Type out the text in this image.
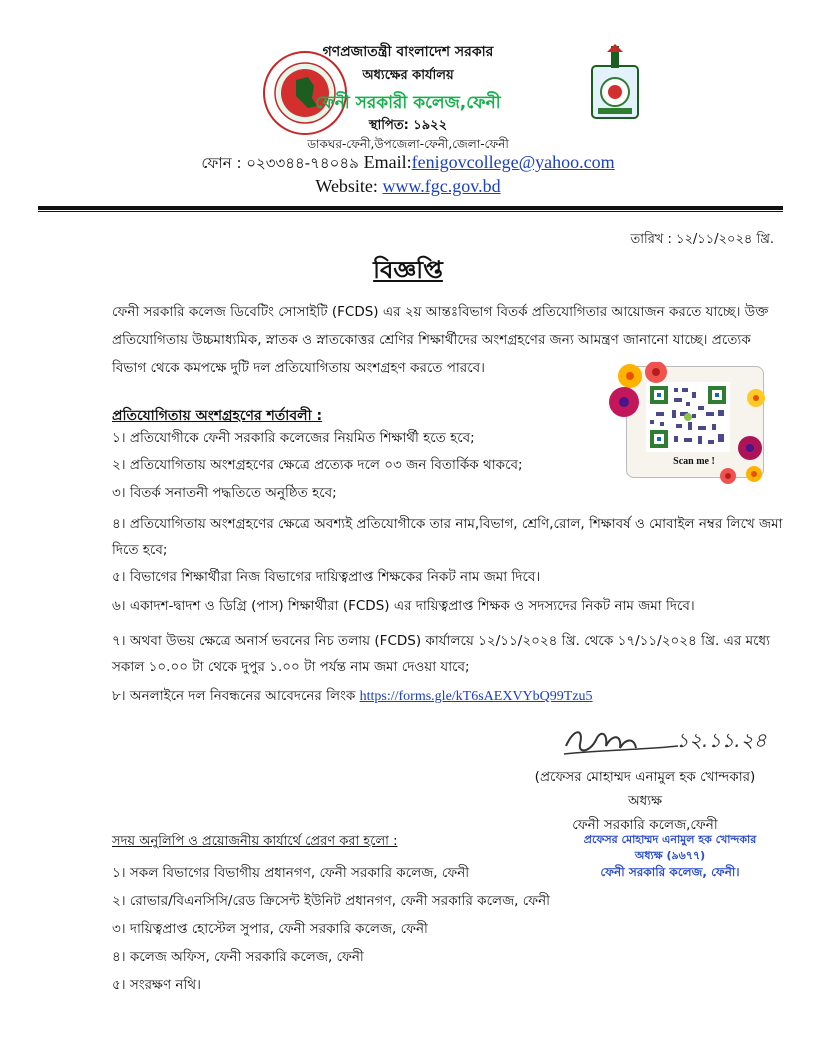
গণপ্রজাতন্ত্রী বাংলাদেশ সরকার
অধ্যক্ষের কার্যালয়
ফেনী সরকারী কলেজ,ফেনী
স্থাপিত: ১৯২২
ডাকঘর-ফেনী,উপজেলা-ফেনী,জেলা-ফেনী
ফোন : ০২৩৩৪৪-৭৪০৪৯ Email:fenigovcollege@yahoo.com
Website: www.fgc.gov.bd
তারিখ : ১২/১১/২০২৪ খ্রি.
বিজ্ঞপ্তি
ফেনী সরকারি কলেজ ডিবেটিং সোসাইটি (FCDS) এর ২য় আন্তঃবিভাগ বিতর্ক প্রতিযোগিতার আয়োজন করতে যাচ্ছে। উক্ত প্রতিযোগিতায় উচ্চমাধ্যমিক, স্নাতক ও স্নাতকোত্তর শ্রেণির শিক্ষার্থীদের অংশগ্রহণের জন্য আমন্ত্রণ জানানো যাচ্ছে। প্রত্যেক বিভাগ থেকে কমপক্ষে দুটি দল প্রতিযোগিতায় অংশগ্রহণ করতে পারবে।
Scan me !
প্রতিযোগিতায় অংশগ্রহণের শর্তাবলী :
১। প্রতিযোগীকে ফেনী সরকারি কলেজের নিয়মিত শিক্ষার্থী হতে হবে;
২। প্রতিযোগিতায় অংশগ্রহণের ক্ষেত্রে প্রত্যেক দলে ০৩ জন বিতার্কিক থাকবে;
৩। বিতর্ক সনাতনী পদ্ধতিতে অনুষ্ঠিত হবে;
৪। প্রতিযোগিতায় অংশগ্রহণের ক্ষেত্রে অবশ্যই প্রতিযোগীকে তার নাম,বিভাগ, শ্রেণি,রোল, শিক্ষাবর্ষ ও মোবাইল নম্বর লিখে জমা দিতে হবে;
৫। বিভাগের শিক্ষার্থীরা নিজ বিভাগের দায়িত্বপ্রাপ্ত শিক্ষকের নিকট নাম জমা দিবে।
৬। একাদশ-দ্বাদশ ও ডিগ্রি (পাস) শিক্ষার্থীরা (FCDS) এর দায়িত্বপ্রাপ্ত শিক্ষক ও সদস্যদের নিকট নাম জমা দিবে।
৭। অথবা উভয় ক্ষেত্রে অনার্স ভবনের নিচ তলায় (FCDS) কার্যালয়ে ১২/১১/২০২৪ খ্রি. থেকে ১৭/১১/২০২৪ খ্রি. এর মধ্যে সকাল ১০.০০ টা থেকে দুপুর ১.০০ টা পর্যন্ত নাম জমা দেওয়া যাবে;
৮। অনলাইনে দল নিবন্ধনের আবেদনের লিংক https://forms.gle/kT6sAEXVYbQ99Tzu5
১২.১১.২৪
(প্রফেসর মোহাম্মদ এনামুল হক খোন্দকার)
অধ্যক্ষ
ফেনী সরকারি কলেজ,ফেনী
প্রফেসর মোহাম্মদ এনামুল হক খোন্দকার
অধ্যক্ষ (৯৬৭৭)
ফেনী সরকারি কলেজ, ফেনী।
সদয় অনুলিপি ও প্রয়োজনীয় কার্যার্থে প্রেরণ করা হলো :
১। সকল বিভাগের বিভাগীয় প্রধানগণ, ফেনী সরকারি কলেজ, ফেনী
২। রোভার/বিএনসিসি/রেড ক্রিসেন্ট ইউনিট প্রধানগণ, ফেনী সরকারি কলেজ, ফেনী
৩। দায়িত্বপ্রাপ্ত হোস্টেল সুপার, ফেনী সরকারি কলেজ, ফেনী
৪। কলেজ অফিস, ফেনী সরকারি কলেজ, ফেনী
৫। সংরক্ষণ নথি।
